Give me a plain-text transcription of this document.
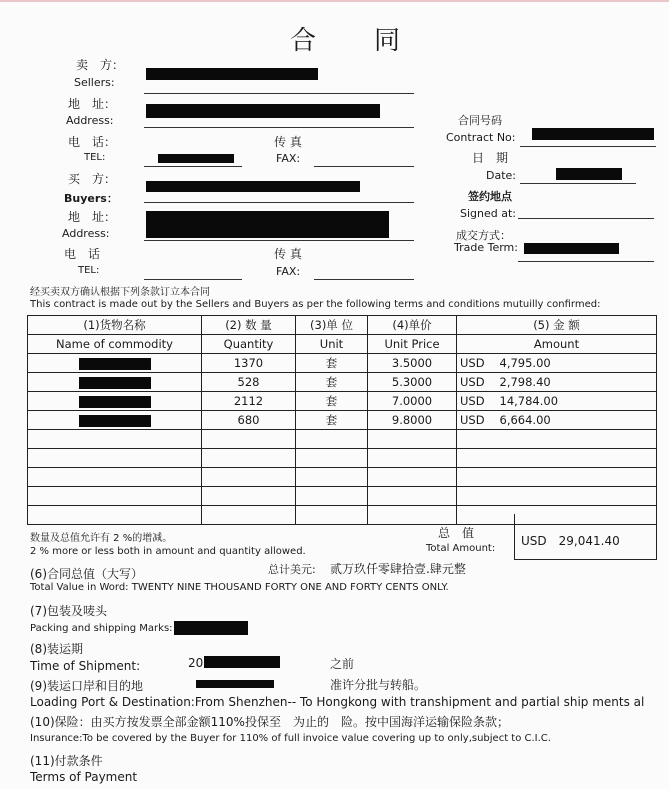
合　　同
卖　方：
Sellers:
地　址：
Address:
电　话：
TEL:
传 真
FAX:
买　方：
Buyers：
地　址：
Address:
电　话
TEL:
传 真
FAX:
合同号码
Contract No:
日　期
Date:
签约地点
Signed at:
成交方式：
Trade Term:
经买卖双方确认根据下列条款订立本合同
This contract is made out by the Sellers and Buyers as per the following terms and conditions mutuilly confirmed:
(1)货物名称	(2) 数 量	(3)单 位	(4)单价	(5) 金 额	
Name of commodity	Quantity	Unit	Unit Price	Amount	
	1370	套	3.5000	USD	4,795.00
	528	套	5.3000	USD	2,798.40
	2112	套	7.0000	USD	14,784.00
	680	套	9.8000	USD	6,664.00

USD　29,041.40
总　值
Total Amount:
数量及总值允许有 2 %的增减。
2 % more or less both in amount and quantity allowed.
(6)合同总值（大写）	总计美元: 贰万玖仟零肆拾壹.肆元整
Total Value in Word: TWENTY NINE THOUSAND FORTY ONE AND FORTY CENTS ONLY.
(7)包装及唛头
Packing and shipping Marks:
(8)装运期
Time of Shipment:	20	之前
(9)装运口岸和目的地	准许分批与转船。
Loading Port & Destination:From Shenzhen-- To Hongkong with transhipment and partial ship ments al
(10)保险：由买方按发票全部金额110%投保至　为止的　险。按中国海洋运输保险条款；
Insurance:To be covered by the Buyer for 110% of full invoice value covering up to only,subject to C.I.C.
(11)付款条件
Terms of Payment
